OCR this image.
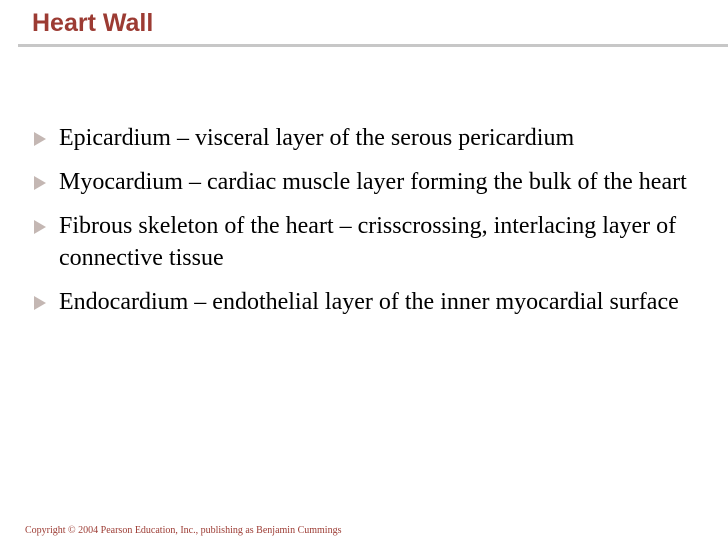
Heart Wall
Epicardium – visceral layer of the serous pericardium
Myocardium – cardiac muscle layer forming the bulk of the heart
Fibrous skeleton of the heart – crisscrossing, interlacing layer of connective tissue
Endocardium – endothelial layer of the inner myocardial surface

Copyright © 2004 Pearson Education, Inc., publishing as Benjamin Cummings
